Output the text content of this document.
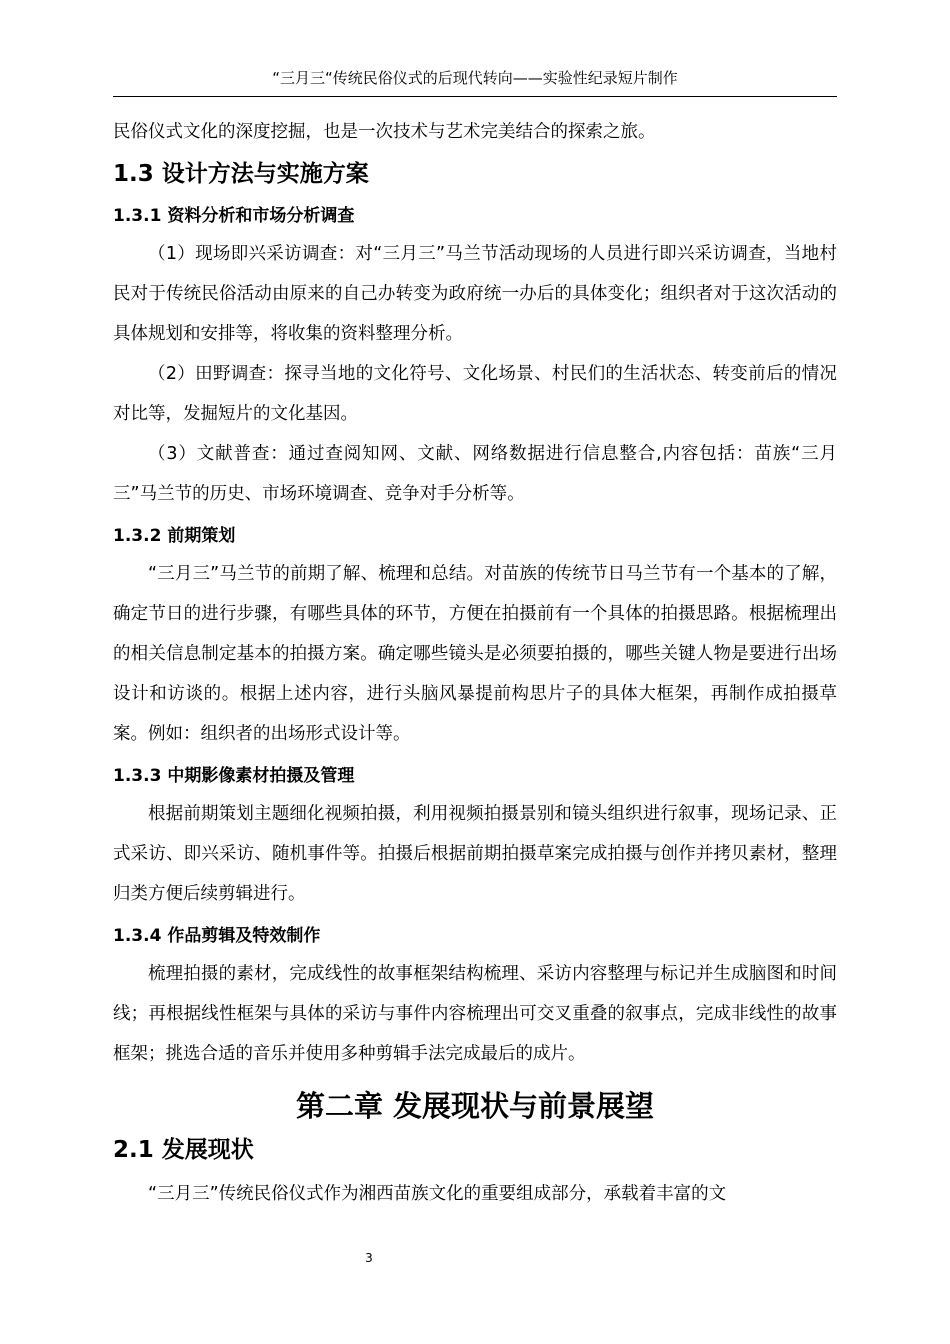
“三月三“传统民俗仪式的后现代转向——实验性纪录短片制作

民俗仪式文化的深度挖掘，也是一次技术与艺术完美结合的探索之旅。

1.3 设计方法与实施方案
1.3.1 资料分析和市场分析调查

（1）现场即兴采访调查：对“三月三”马兰节活动现场的人员进行即兴采访调查，当地村民对于传统民俗活动由原来的自己办转变为政府统一办后的具体变化；组织者对于这次活动的具体规划和安排等，将收集的资料整理分析。

（2）田野调查：探寻当地的文化符号、文化场景、村民们的生活状态、转变前后的情况对比等，发掘短片的文化基因。

（3）文献普查：通过查阅知网、文献、网络数据进行信息整合,内容包括：苗族“三月三”马兰节的历史、市场环境调查、竞争对手分析等。

1.3.2 前期策划

“三月三”马兰节的前期了解、梳理和总结。对苗族的传统节日马兰节有一个基本的了解，确定节日的进行步骤，有哪些具体的环节，方便在拍摄前有一个具体的拍摄思路。根据梳理出的相关信息制定基本的拍摄方案。确定哪些镜头是必须要拍摄的，哪些关键人物是要进行出场设计和访谈的。根据上述内容，进行头脑风暴提前构思片子的具体大框架，再制作成拍摄草案。例如：组织者的出场形式设计等。

1.3.3 中期影像素材拍摄及管理

根据前期策划主题细化视频拍摄，利用视频拍摄景别和镜头组织进行叙事，现场记录、正式采访、即兴采访、随机事件等。拍摄后根据前期拍摄草案完成拍摄与创作并拷贝素材，整理归类方便后续剪辑进行。

1.3.4 作品剪辑及特效制作

梳理拍摄的素材，完成线性的故事框架结构梳理、采访内容整理与标记并生成脑图和时间线；再根据线性框架与具体的采访与事件内容梳理出可交叉重叠的叙事点，完成非线性的故事框架；挑选合适的音乐并使用多种剪辑手法完成最后的成片。

第二章 发展现状与前景展望
2.1 发展现状

“三月三”传统民俗仪式作为湘西苗族文化的重要组成部分，承载着丰富的文

3
